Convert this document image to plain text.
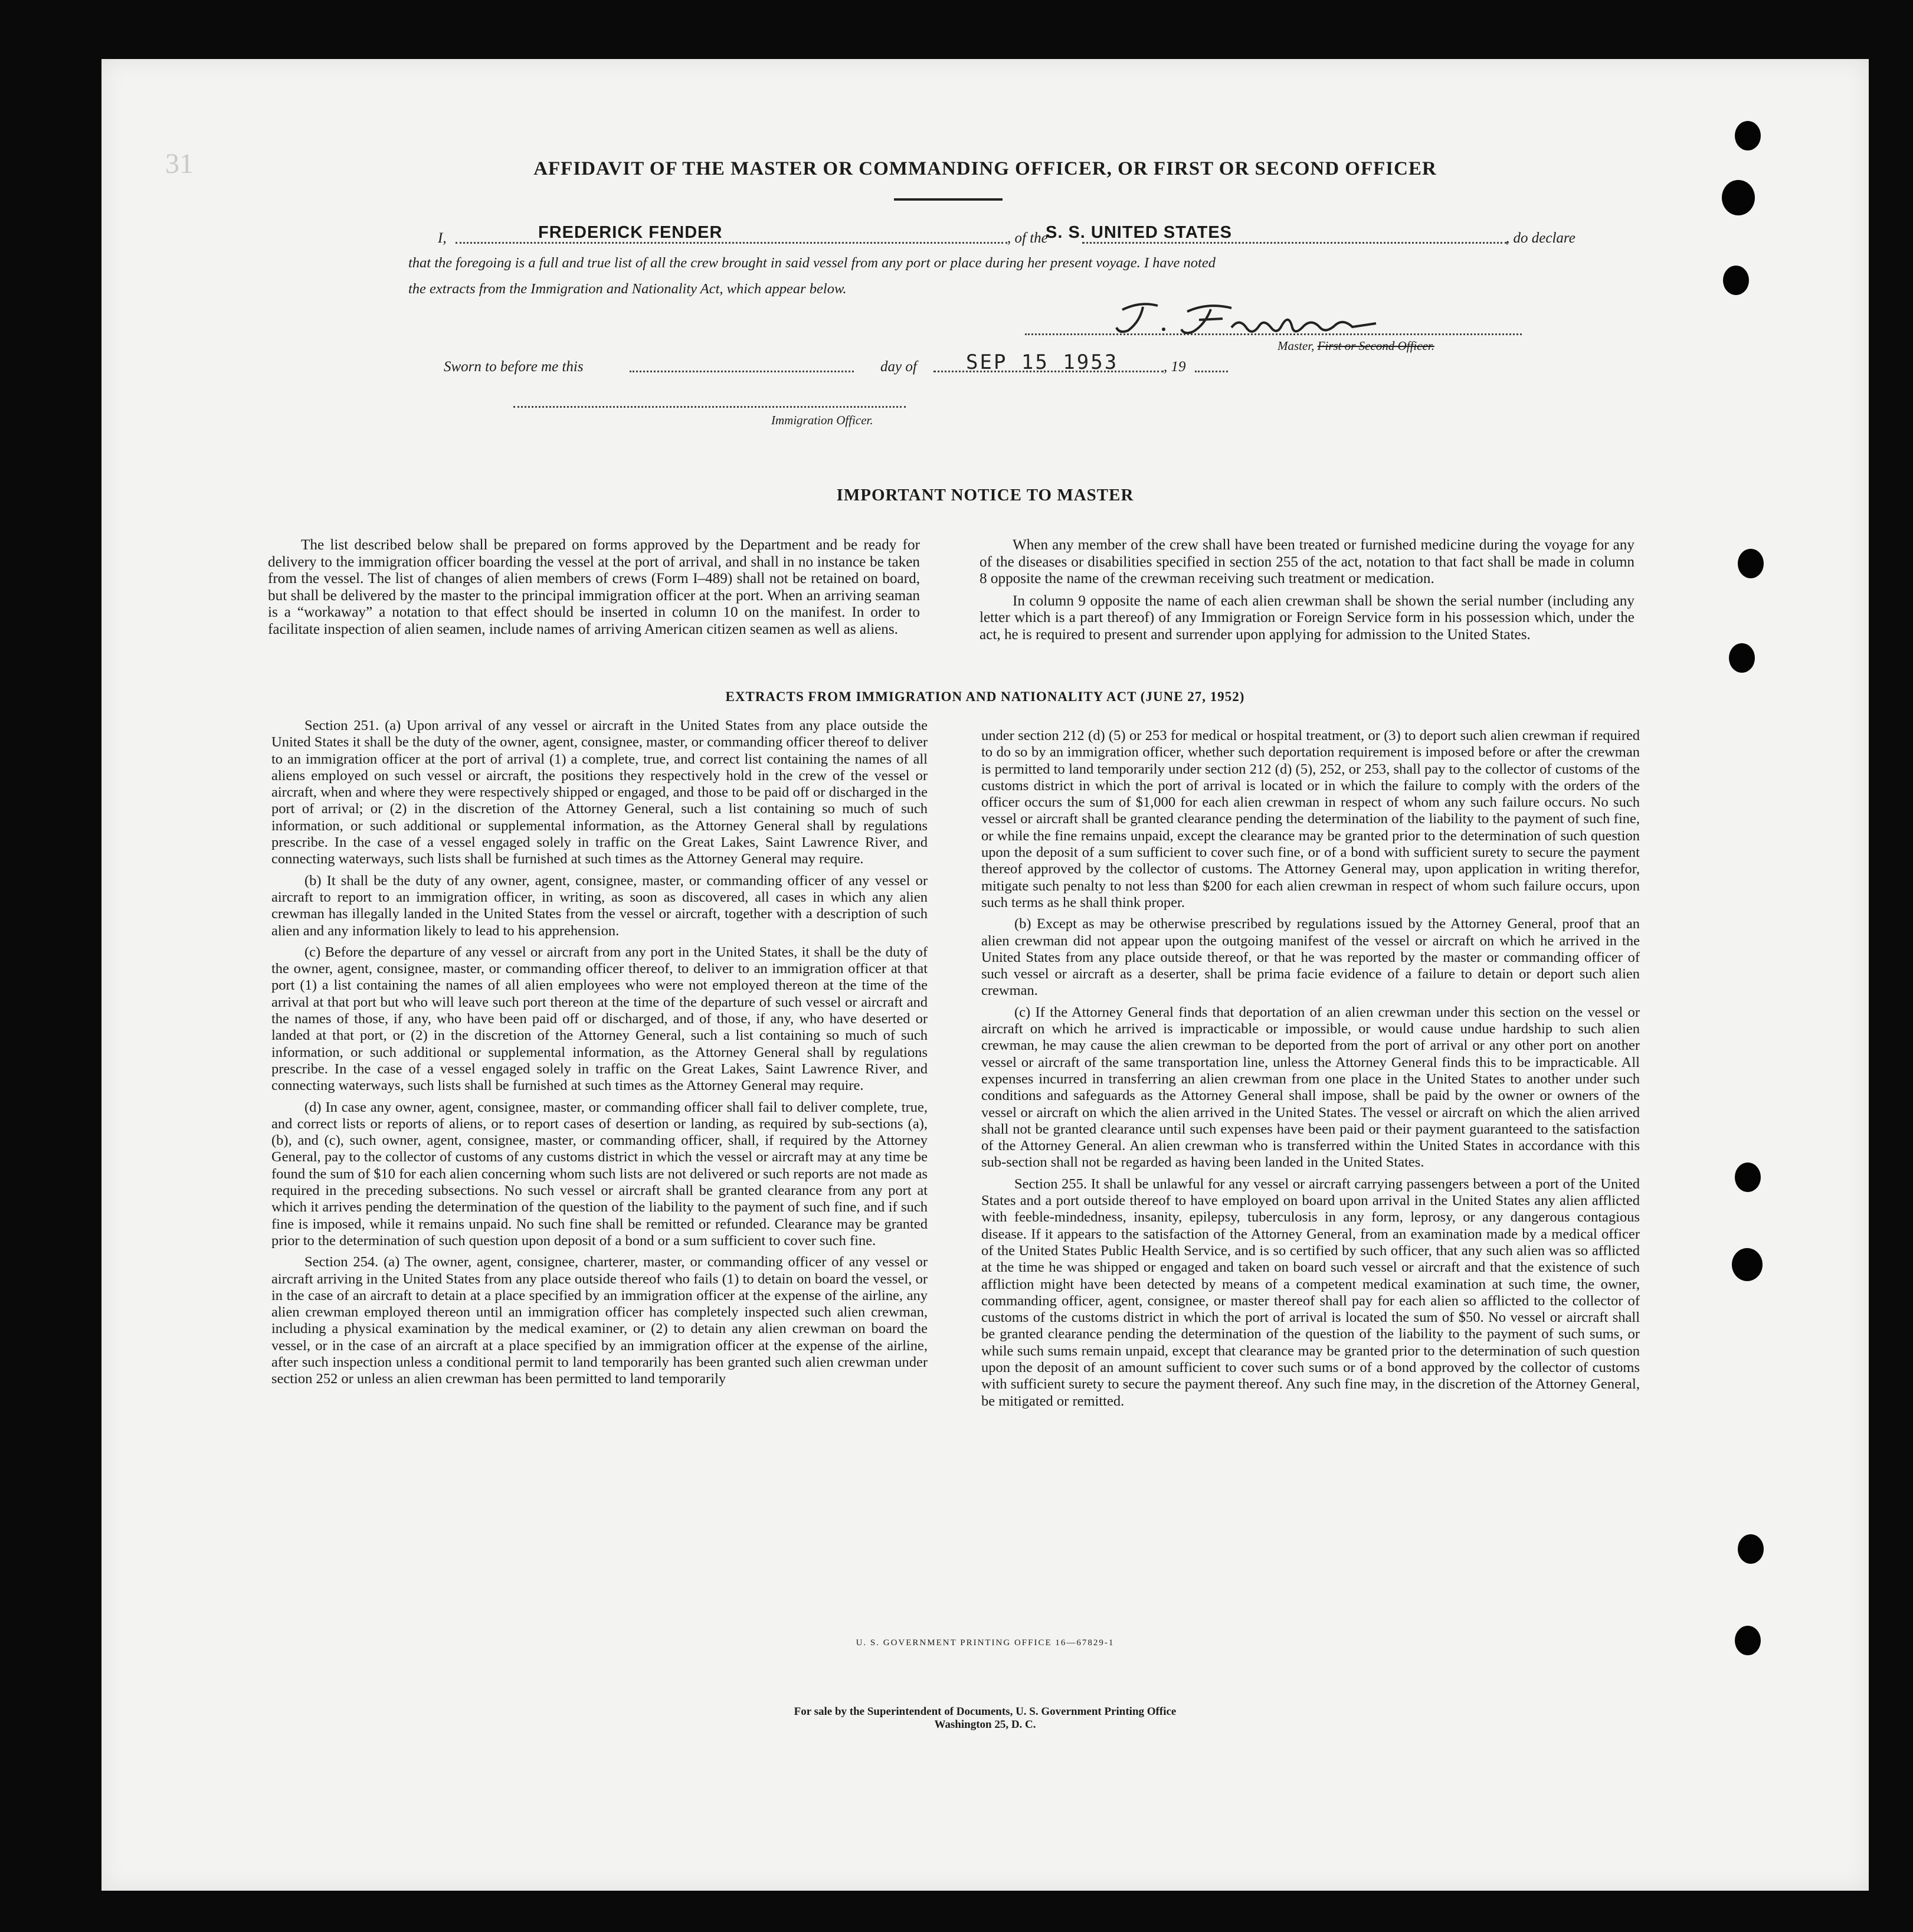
31	AFFIDAVIT OF THE MASTER OR COMMANDING OFFICER, OR FIRST OR SECOND OFFICER
I,	FREDERICK FENDER	, of the
S. S. UNITED STATES	, do declare
that the foregoing is a full and true list of all the crew brought in said vessel from any port or place during her present voyage. I have noted
the extracts from the Immigration and Nationality Act, which appear below.
Master, First or Second Officer.
Sworn to before me this	day of SEP 15 1953	, 19
Immigration Officer.
IMPORTANT NOTICE TO MASTER

The list described below shall be prepared on forms approved by the Department and be ready for delivery to the immigration officer boarding the vessel at the port of arrival, and shall in no instance be taken from the vessel. The list of changes of alien members of crews (Form I–489) shall not be retained on board, but shall be delivered by the master to the principal immigration officer at the port. When an arriving seaman is a “workaway” a notation to that effect should be inserted in column 10 on the manifest. In order to facilitate inspection of alien seamen, include names of arriving American citizen seamen as well as aliens.

When any member of the crew shall have been treated or furnished medicine during the voyage for any of the diseases or disabilities specified in section 255 of the act, notation to that fact shall be made in column 8 opposite the name of the crewman receiving such treatment or medication.

In column 9 opposite the name of each alien crewman shall be shown the serial number (including any letter which is a part thereof) of any Immigration or Foreign Service form in his possession which, under the act, he is required to present and surrender upon applying for admission to the United States.

EXTRACTS FROM IMMIGRATION AND NATIONALITY ACT (JUNE 27, 1952)

Section 251. (a) Upon arrival of any vessel or aircraft in the United States from any place outside the United States it shall be the duty of the owner, agent, consignee, master, or commanding officer thereof to deliver to an immigration officer at the port of arrival (1) a complete, true, and correct list containing the names of all aliens employed on such vessel or aircraft, the positions they respectively hold in the crew of the vessel or aircraft, when and where they were respectively shipped or engaged, and those to be paid off or discharged in the port of arrival; or (2) in the discretion of the Attorney General, such a list containing so much of such information, or such additional or supplemental information, as the Attorney General shall by regulations prescribe. In the case of a vessel engaged solely in traffic on the Great Lakes, Saint Lawrence River, and connecting waterways, such lists shall be furnished at such times as the Attorney General may require.

(b) It shall be the duty of any owner, agent, consignee, master, or commanding officer of any vessel or aircraft to report to an immigration officer, in writing, as soon as discovered, all cases in which any alien crewman has illegally landed in the United States from the vessel or aircraft, together with a description of such alien and any information likely to lead to his apprehension.

(c) Before the departure of any vessel or aircraft from any port in the United States, it shall be the duty of the owner, agent, consignee, master, or commanding officer thereof, to deliver to an immigration officer at that port (1) a list containing the names of all alien employees who were not employed thereon at the time of the arrival at that port but who will leave such port thereon at the time of the departure of such vessel or aircraft and the names of those, if any, who have been paid off or discharged, and of those, if any, who have deserted or landed at that port, or (2) in the discretion of the Attorney General, such a list containing so much of such information, or such additional or supplemental information, as the Attorney General shall by regulations prescribe. In the case of a vessel engaged solely in traffic on the Great Lakes, Saint Lawrence River, and connecting waterways, such lists shall be furnished at such times as the Attorney General may require.

(d) In case any owner, agent, consignee, master, or commanding officer shall fail to deliver complete, true, and correct lists or reports of aliens, or to report cases of desertion or landing, as required by sub-sections (a), (b), and (c), such owner, agent, consignee, master, or commanding officer, shall, if required by the Attorney General, pay to the collector of customs of any customs district in which the vessel or aircraft may at any time be found the sum of $10 for each alien concerning whom such lists are not delivered or such reports are not made as required in the preceding subsections. No such vessel or aircraft shall be granted clearance from any port at which it arrives pending the determination of the question of the liability to the payment of such fine, and if such fine is imposed, while it remains unpaid. No such fine shall be remitted or refunded. Clearance may be granted prior to the determination of such question upon deposit of a bond or a sum sufficient to cover such fine.

Section 254. (a) The owner, agent, consignee, charterer, master, or commanding officer of any vessel or aircraft arriving in the United States from any place outside thereof who fails (1) to detain on board the vessel, or in the case of an aircraft to detain at a place specified by an immigration officer at the expense of the airline, any alien crewman employed thereon until an immigration officer has completely inspected such alien crewman, including a physical examination by the medical examiner, or (2) to detain any alien crewman on board the vessel, or in the case of an aircraft at a place specified by an immigration officer at the expense of the airline, after such inspection unless a conditional permit to land temporarily has been granted such alien crewman under section 252 or unless an alien crewman has been permitted to land temporarily

under section 212 (d) (5) or 253 for medical or hospital treatment, or (3) to deport such alien crewman if required to do so by an immigration officer, whether such deportation requirement is imposed before or after the crewman is permitted to land temporarily under section 212 (d) (5), 252, or 253, shall pay to the collector of customs of the customs district in which the port of arrival is located or in which the failure to comply with the orders of the officer occurs the sum of $1,000 for each alien crewman in respect of whom any such failure occurs. No such vessel or aircraft shall be granted clearance pending the determination of the liability to the payment of such fine, or while the fine remains unpaid, except the clearance may be granted prior to the determination of such question upon the deposit of a sum sufficient to cover such fine, or of a bond with sufficient surety to secure the payment thereof approved by the collector of customs. The Attorney General may, upon application in writing therefor, mitigate such penalty to not less than $200 for each alien crewman in respect of whom such failure occurs, upon such terms as he shall think proper.

(b) Except as may be otherwise prescribed by regulations issued by the Attorney General, proof that an alien crewman did not appear upon the outgoing manifest of the vessel or aircraft on which he arrived in the United States from any place outside thereof, or that he was reported by the master or commanding officer of such vessel or aircraft as a deserter, shall be prima facie evidence of a failure to detain or deport such alien crewman.

(c) If the Attorney General finds that deportation of an alien crewman under this section on the vessel or aircraft on which he arrived is impracticable or impossible, or would cause undue hardship to such alien crewman, he may cause the alien crewman to be deported from the port of arrival or any other port on another vessel or aircraft of the same transportation line, unless the Attorney General finds this to be impracticable. All expenses incurred in transferring an alien crewman from one place in the United States to another under such conditions and safeguards as the Attorney General shall impose, shall be paid by the owner or owners of the vessel or aircraft on which the alien arrived in the United States. The vessel or aircraft on which the alien arrived shall not be granted clearance until such expenses have been paid or their payment guaranteed to the satisfaction of the Attorney General. An alien crewman who is transferred within the United States in accordance with this sub-section shall not be regarded as having been landed in the United States.

Section 255. It shall be unlawful for any vessel or aircraft carrying passengers between a port of the United States and a port outside thereof to have employed on board upon arrival in the United States any alien afflicted with feeble-mindedness, insanity, epilepsy, tuberculosis in any form, leprosy, or any dangerous contagious disease. If it appears to the satisfaction of the Attorney General, from an examination made by a medical officer of the United States Public Health Service, and is so certified by such officer, that any such alien was so afflicted at the time he was shipped or engaged and taken on board such vessel or aircraft and that the existence of such affliction might have been detected by means of a competent medical examination at such time, the owner, commanding officer, agent, consignee, or master thereof shall pay for each alien so afflicted to the collector of customs of the customs district in which the port of arrival is located the sum of $50. No vessel or aircraft shall be granted clearance pending the determination of the question of the liability to the payment of such sums, or while such sums remain unpaid, except that clearance may be granted prior to the determination of such question upon the deposit of an amount sufficient to cover such sums or of a bond approved by the collector of customs with sufficient surety to secure the payment thereof. Any such fine may, in the discretion of the Attorney General, be mitigated or remitted.

U. S. GOVERNMENT PRINTING OFFICE 16—67829-1
For sale by the Superintendent of Documents, U. S. Government Printing Office
Washington 25, D. C.
